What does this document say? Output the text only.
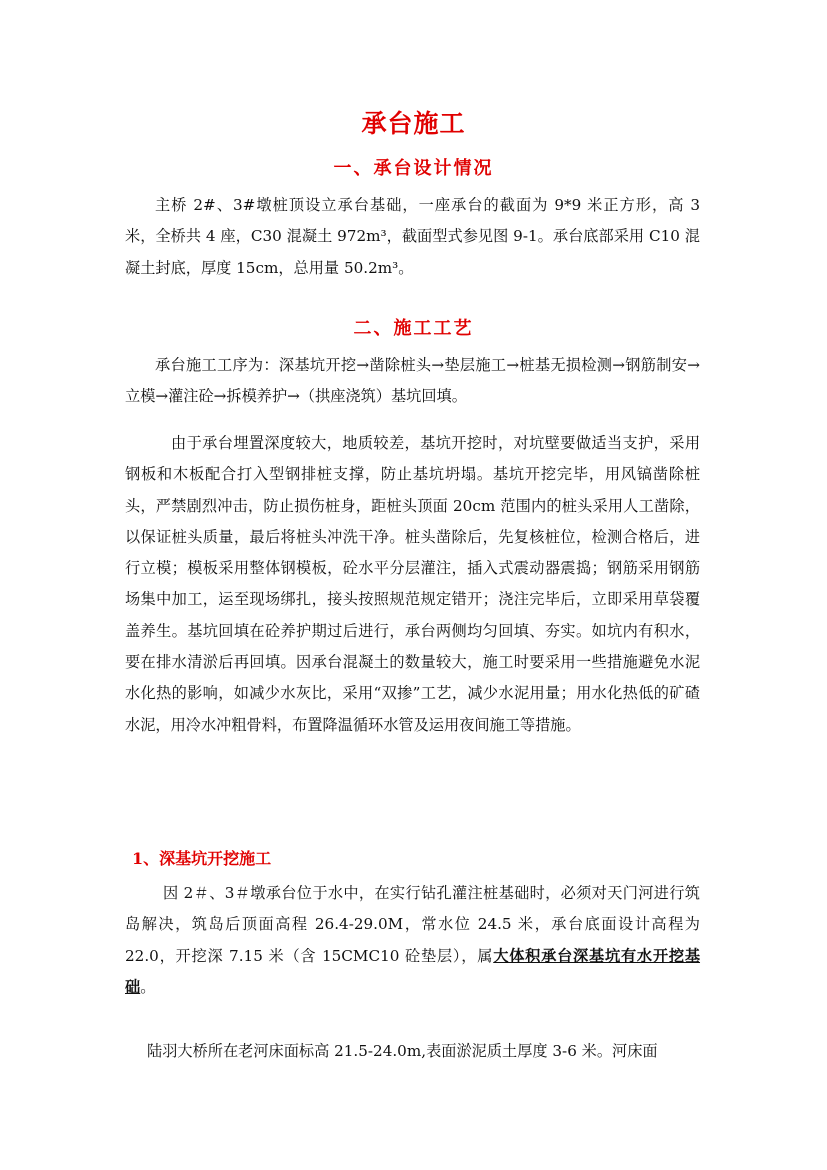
承台施工
一、承台设计情况

主桥 2#、3#墩桩顶设立承台基础，一座承台的截面为 9*9 米正方形，高 3 米，全桥共 4 座，C30 混凝土 972m³，截面型式参见图 9-1。承台底部采用 C10 混凝土封底，厚度 15cm，总用量 50.2m³。

二、施工工艺

承台施工工序为：深基坑开挖→凿除桩头→垫层施工→桩基无损检测→钢筋制安→立模→灌注砼→拆模养护→（拱座浇筑）基坑回填。

由于承台埋置深度较大，地质较差，基坑开挖时，对坑壁要做适当支护，采用钢板和木板配合打入型钢排桩支撑，防止基坑坍塌。基坑开挖完毕，用风镐凿除桩头，严禁剧烈冲击，防止损伤桩身，距桩头顶面 20cm 范围内的桩头采用人工凿除，以保证桩头质量，最后将桩头冲洗干净。桩头凿除后，先复核桩位，检测合格后，进行立模；模板采用整体钢模板，砼水平分层灌注，插入式震动器震捣；钢筋采用钢筋场集中加工，运至现场绑扎，接头按照规范规定错开；浇注完毕后，立即采用草袋覆盖养生。基坑回填在砼养护期过后进行，承台两侧均匀回填、夯实。如坑内有积水，要在排水清淤后再回填。因承台混凝土的数量较大，施工时要采用一些措施避免水泥水化热的影响，如减少水灰比，采用“双掺”工艺，减少水泥用量；用水化热低的矿碴水泥，用冷水冲粗骨料，布置降温循环水管及运用夜间施工等措施。

1、深基坑开挖施工

因 2＃、3＃墩承台位于水中，在实行钻孔灌注桩基础时，必须对天门河进行筑岛解决，筑岛后顶面高程 26.4-29.0M，常水位 24.5 米，承台底面设计高程为 22.0，开挖深 7.15 米（含 15CMC10 砼垫层），属大体积承台深基坑有水开挖基础。

陆羽大桥所在老河床面标高 21.5-24.0m,表面淤泥质土厚度 3-6 米。河床面
